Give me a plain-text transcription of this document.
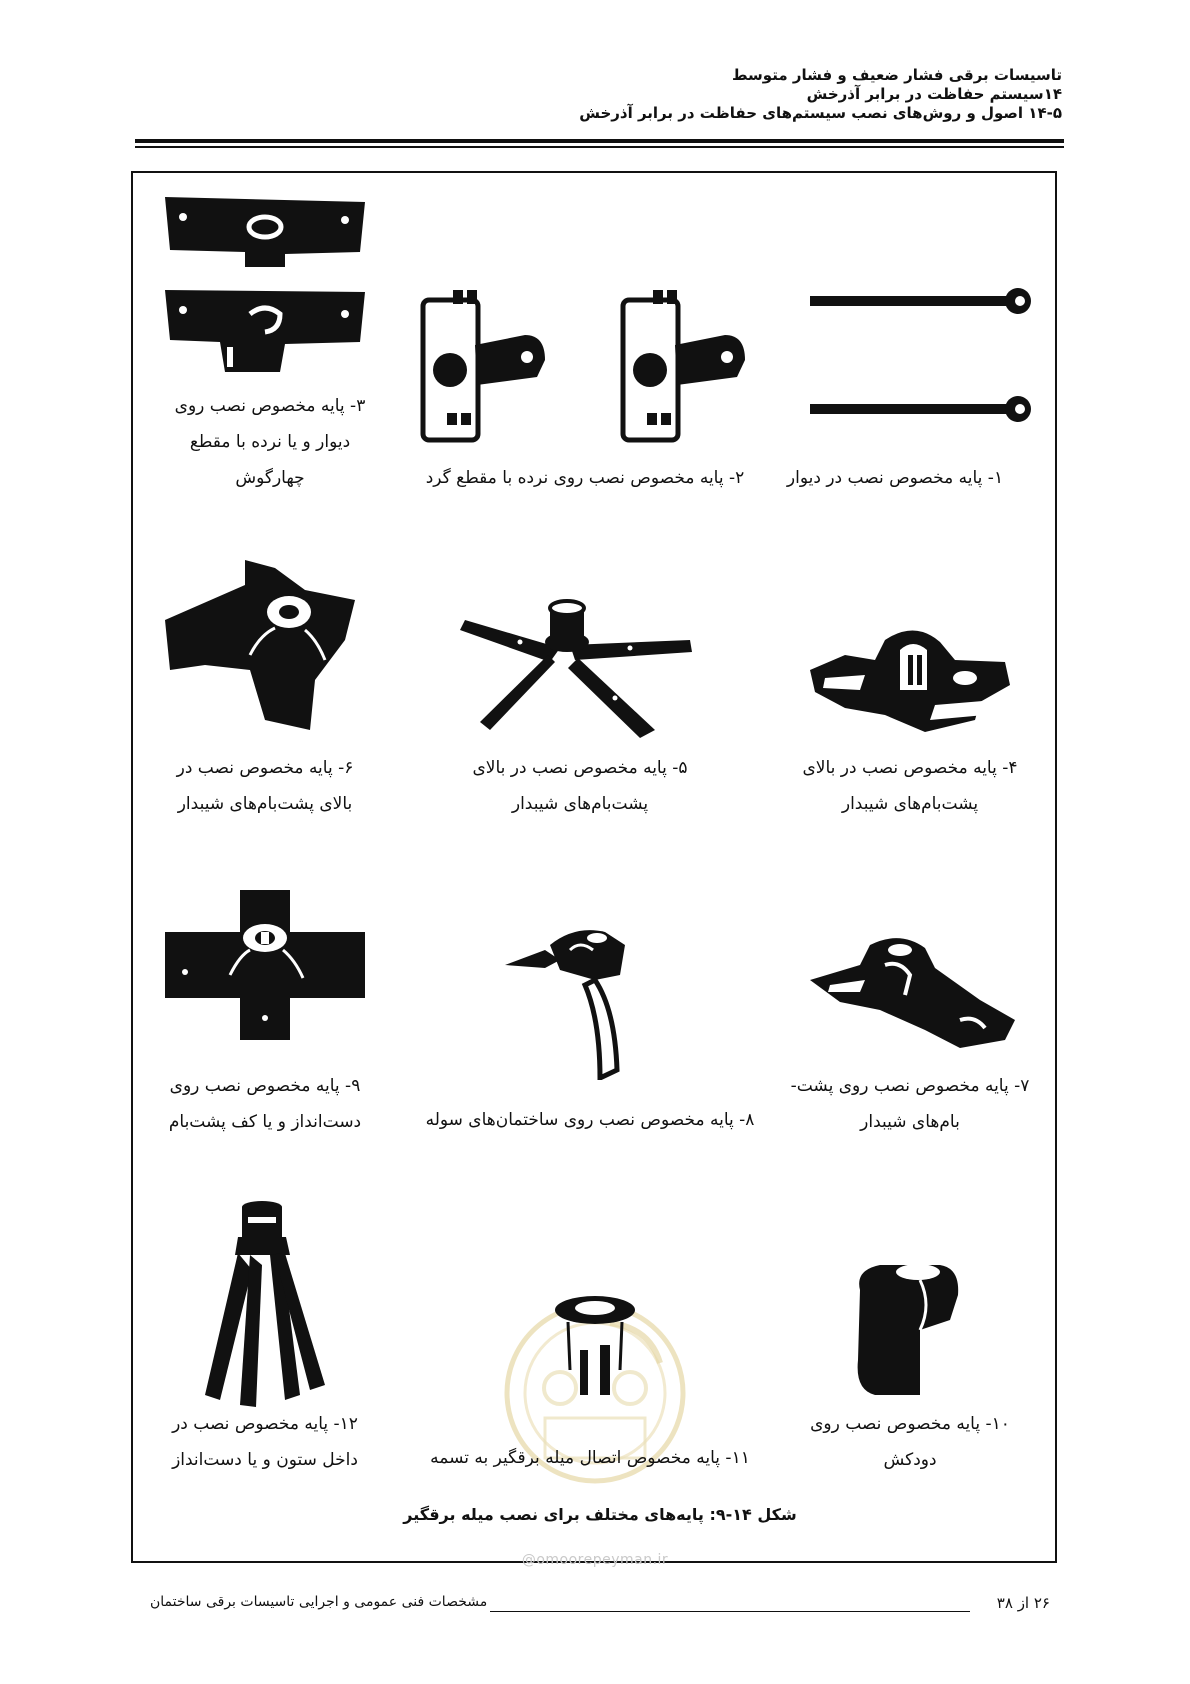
تاسیسات برقی فشار ضعیف و فشار متوسط
۱۴سیستم حفاظت در برابر آذرخش
۱۴-۵ اصول و روش‌های نصب سیستم‌های حفاظت در برابر آذرخش
۱- پایه مخصوص نصب در دیوار
۲- پایه مخصوص نصب روی نرده با مقطع گرد
۳- پایه مخصوص نصب روی
دیوار و یا نرده با مقطع
چهارگوش
۴- پایه مخصوص نصب در بالای
پشت‌بام‌های شیبدار
۵- پایه مخصوص نصب در بالای
پشت‌بام‌های شیبدار
۶- پایه مخصوص نصب در
بالای پشت‌بام‌های شیبدار
۷- پایه مخصوص نصب روی پشت-
بام‌های شیبدار
۸- پایه مخصوص نصب روی ساختمان‌های سوله
۹- پایه مخصوص نصب روی
دست‌انداز و یا کف پشت‌بام
۱۰- پایه مخصوص نصب روی
دودکش
۱۱- پایه مخصوص اتصال میله برقگیر به تسمه
۱۲- پایه مخصوص نصب در
داخل ستون و یا دست‌انداز
شکل ۱۴-۹: پایه‌های مختلف برای نصب میله برقگیر
@omoorepeyman.ir
۲۶ از ۳۸
مشخصات فنی عمومی و اجرایی تاسیسات برقی ساختمان
